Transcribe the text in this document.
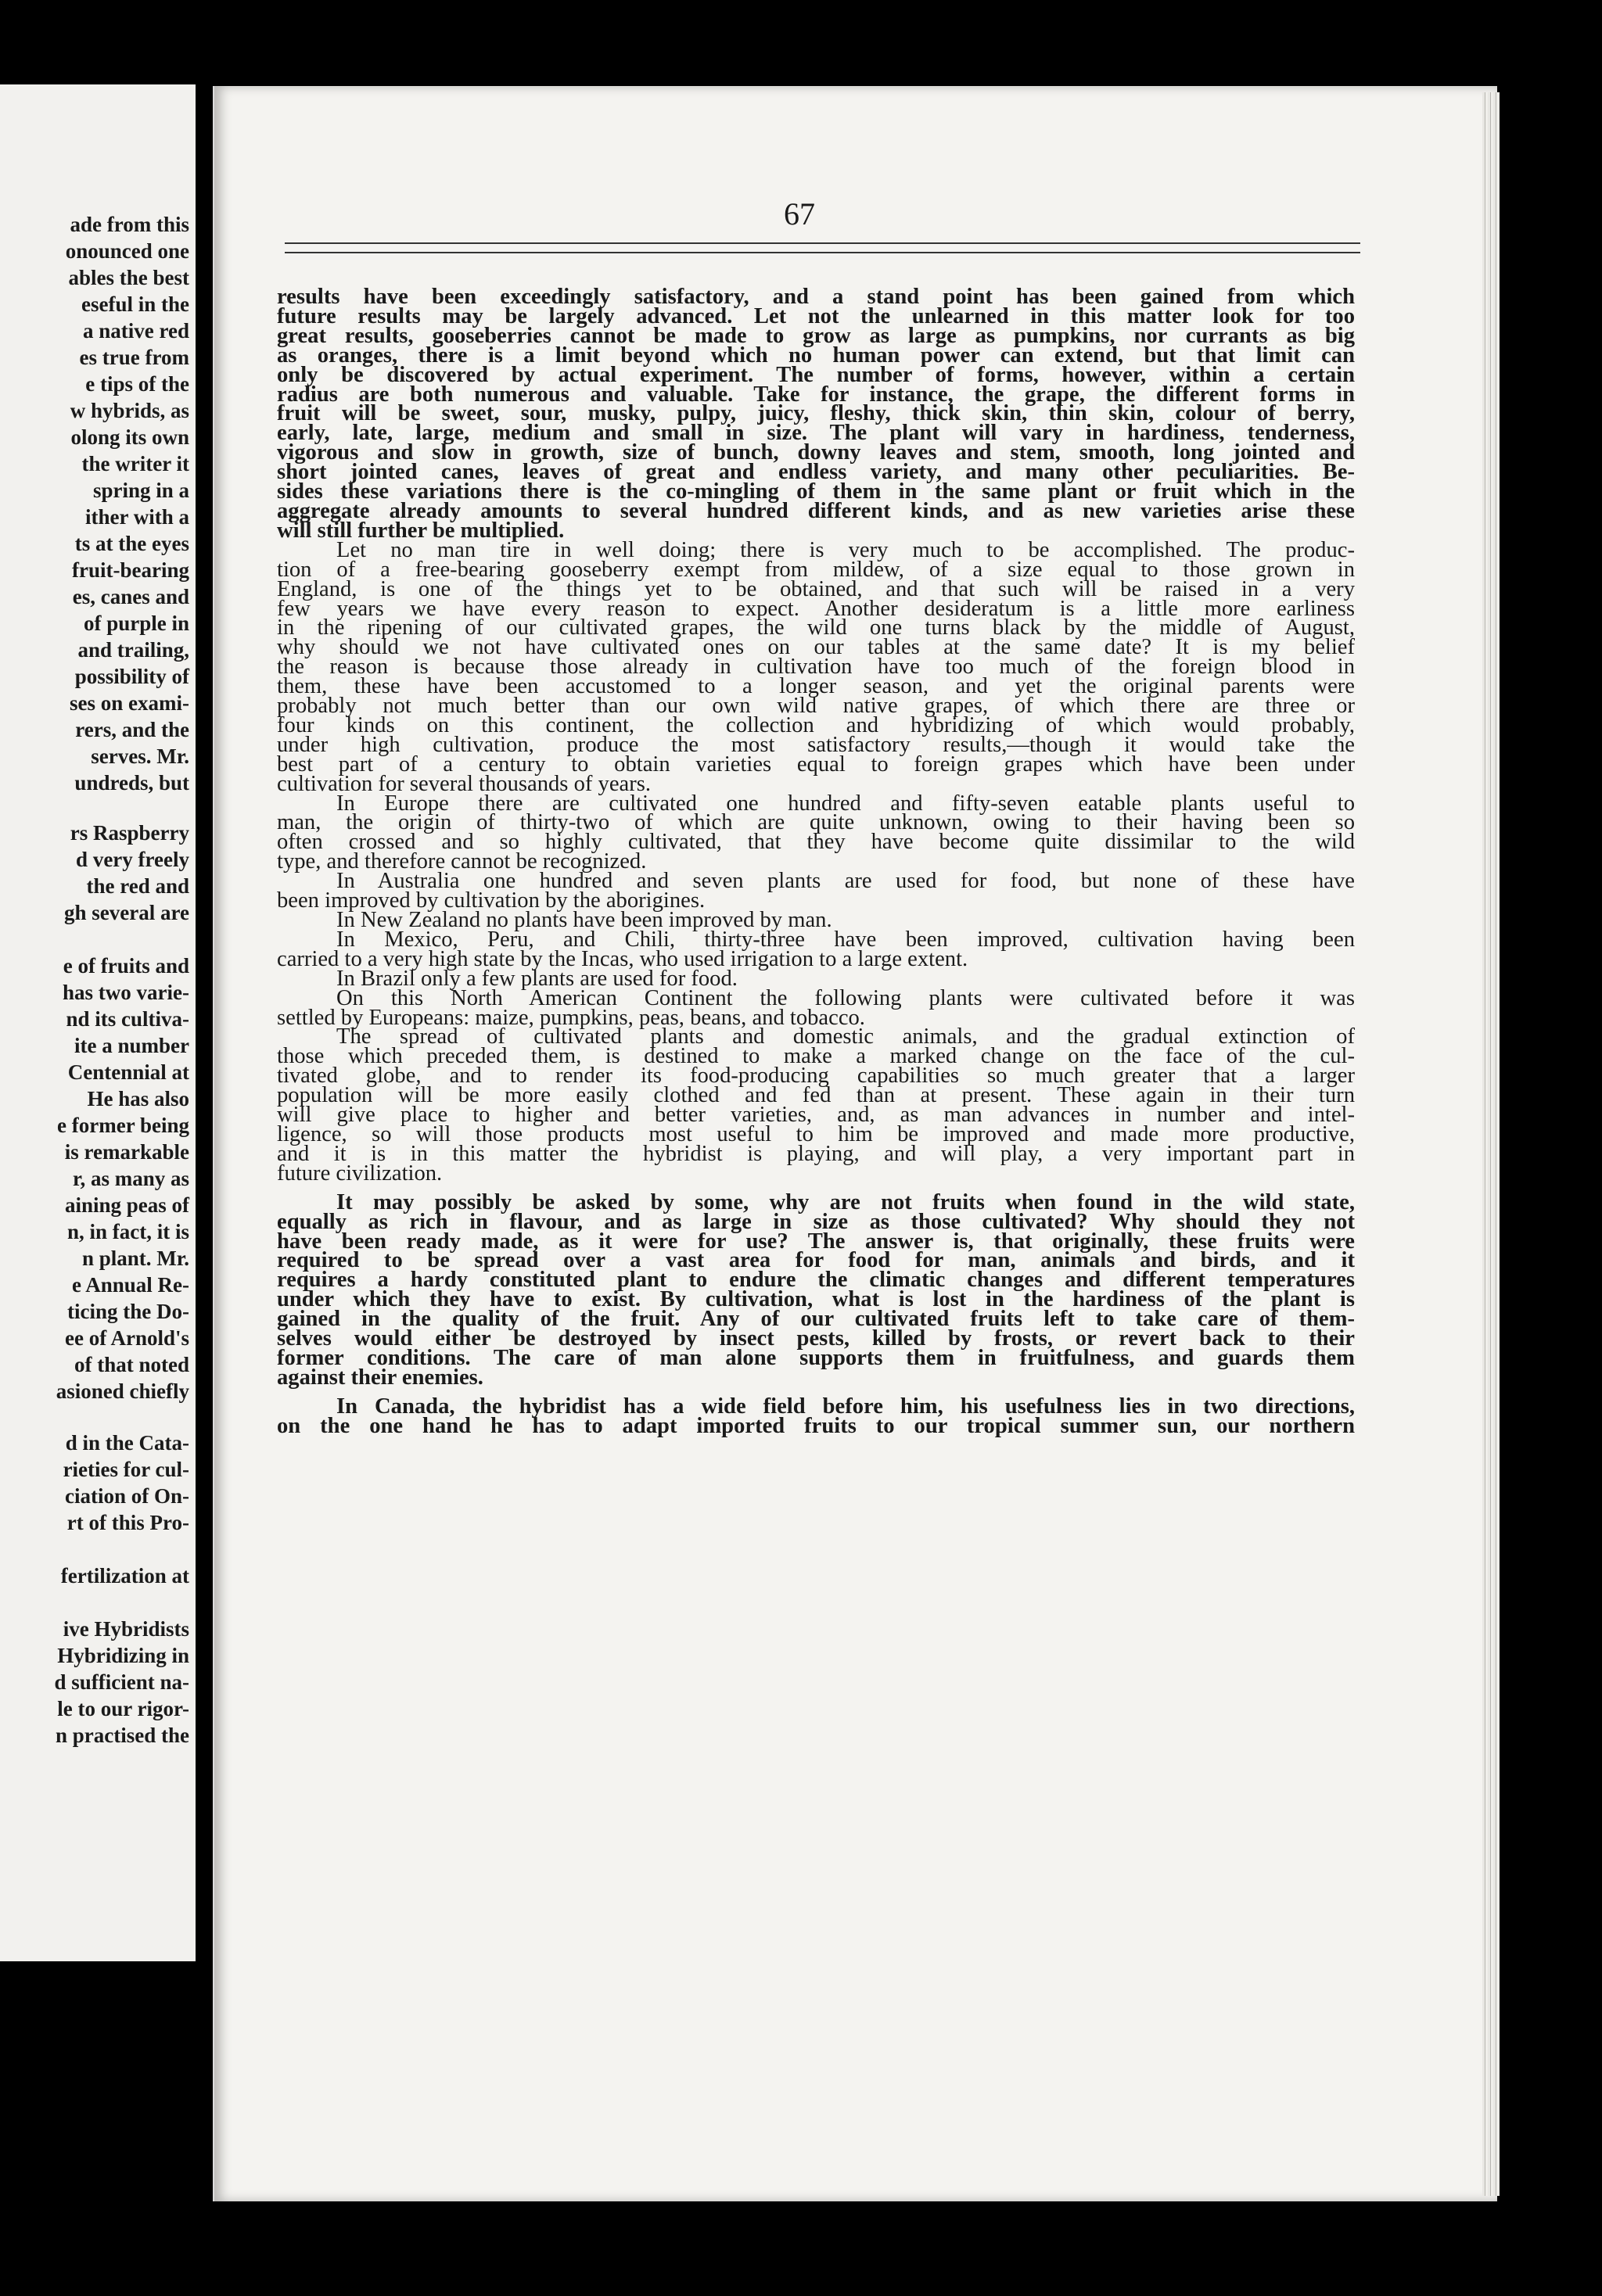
ade from this
onounced one
ables the best
eseful in the
a native red
es true from
e tips of the
w hybrids, as
olong its own
the writer it
spring in a
ither with a
ts at the eyes
fruit-bearing
es, canes and
of purple in
and trailing,
possibility of
ses on exami-
rers, and the
serves. Mr.
undreds, but
rs Raspberry
d very freely
the red and
gh several are
e of fruits and
has two varie-
nd its cultiva-
ite a number
Centennial at
He has also
e former being
is remarkable
r, as many as
aining peas of
n, in fact, it is
n plant. Mr.
e Annual Re-
ticing the Do-
ee of Arnold's
of that noted
asioned chiefly
d in the Cata-
rieties for cul-
ciation of On-
rt of this Pro-
fertilization at
ive Hybridists
Hybridizing in
d sufficient na-
le to our rigor-
n practised the
67
results have been exceedingly satisfactory, and a stand point has been gained from which
future results may be largely advanced. Let not the unlearned in this matter look for too
great results, gooseberries cannot be made to grow as large as pumpkins, nor currants as big
as oranges, there is a limit beyond which no human power can extend, but that limit can
only be discovered by actual experiment. The number of forms, however, within a certain
radius are both numerous and valuable. Take for instance, the grape, the different forms in
fruit will be sweet, sour, musky, pulpy, juicy, fleshy, thick skin, thin skin, colour of berry,
early, late, large, medium and small in size. The plant will vary in hardiness, tenderness,
vigorous and slow in growth, size of bunch, downy leaves and stem, smooth, long jointed and
short jointed canes, leaves of great and endless variety, and many other peculiarities. Be-
sides these variations there is the co-mingling of them in the same plant or fruit which in the
aggregate already amounts to several hundred different kinds, and as new varieties arise these
will still further be multiplied.
Let no man tire in well doing; there is very much to be accomplished. The produc-
tion of a free-bearing gooseberry exempt from mildew, of a size equal to those grown in
England, is one of the things yet to be obtained, and that such will be raised in a very
few years we have every reason to expect. Another desideratum is a little more earliness
in the ripening of our cultivated grapes, the wild one turns black by the middle of August,
why should we not have cultivated ones on our tables at the same date? It is my belief
the reason is because those already in cultivation have too much of the foreign blood in
them, these have been accustomed to a longer season, and yet the original parents were
probably not much better than our own wild native grapes, of which there are three or
four kinds on this continent, the collection and hybridizing of which would probably,
under high cultivation, produce the most satisfactory results,—though it would take the
best part of a century to obtain varieties equal to foreign grapes which have been under
cultivation for several thousands of years.
In Europe there are cultivated one hundred and fifty-seven eatable plants useful to
man, the origin of thirty-two of which are quite unknown, owing to their having been so
often crossed and so highly cultivated, that they have become quite dissimilar to the wild
type, and therefore cannot be recognized.
In Australia one hundred and seven plants are used for food, but none of these have
been improved by cultivation by the aborigines.
In New Zealand no plants have been improved by man.
In Mexico, Peru, and Chili, thirty-three have been improved, cultivation having been
carried to a very high state by the Incas, who used irrigation to a large extent.
In Brazil only a few plants are used for food.
On this North American Continent the following plants were cultivated before it was
settled by Europeans: maize, pumpkins, peas, beans, and tobacco.
The spread of cultivated plants and domestic animals, and the gradual extinction of
those which preceded them, is destined to make a marked change on the face of the cul-
tivated globe, and to render its food-producing capabilities so much greater that a larger
population will be more easily clothed and fed than at present. These again in their turn
will give place to higher and better varieties, and, as man advances in number and intel-
ligence, so will those products most useful to him be improved and made more productive,
and it is in this matter the hybridist is playing, and will play, a very important part in
future civilization.
It may possibly be asked by some, why are not fruits when found in the wild state,
equally as rich in flavour, and as large in size as those cultivated? Why should they not
have been ready made, as it were for use? The answer is, that originally, these fruits were
required to be spread over a vast area for food for man, animals and birds, and it
requires a hardy constituted plant to endure the climatic changes and different temperatures
under which they have to exist. By cultivation, what is lost in the hardiness of the plant is
gained in the quality of the fruit. Any of our cultivated fruits left to take care of them-
selves would either be destroyed by insect pests, killed by frosts, or revert back to their
former conditions. The care of man alone supports them in fruitfulness, and guards them
against their enemies.
In Canada, the hybridist has a wide field before him, his usefulness lies in two directions,
on the one hand he has to adapt imported fruits to our tropical summer sun, our northern
